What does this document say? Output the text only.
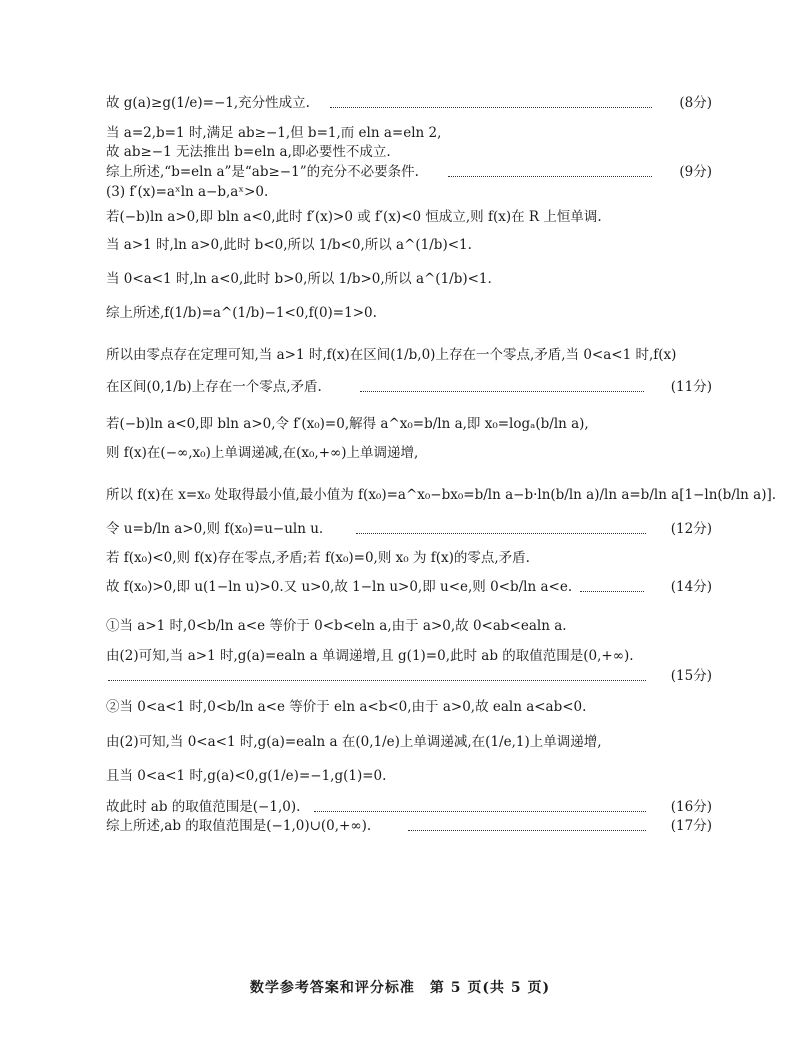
故 g(a)≥g(1/e)=−1,充分性成立.	(8分)
当 a=2,b=1 时,满足 ab≥−1,但 b=1,而 eln a=eln 2,
故 ab≥−1 无法推出 b=eln a,即必要性不成立.
综上所述,“b=eln a”是“ab≥−1”的充分不必要条件.	(9分)
(3) f′(x)=aˣln a−b,aˣ>0.
若(−b)ln a>0,即 bln a<0,此时 f′(x)>0 或 f′(x)<0 恒成立,则 f(x)在 R 上恒单调.
当 a>1 时,ln a>0,此时 b<0,所以 1/b<0,所以 a^(1/b)<1.
当 0<a<1 时,ln a<0,此时 b>0,所以 1/b>0,所以 a^(1/b)<1.
综上所述,f(1/b)=a^(1/b)−1<0,f(0)=1>0.
所以由零点存在定理可知,当 a>1 时,f(x)在区间(1/b,0)上存在一个零点,矛盾,当 0<a<1 时,f(x)
在区间(0,1/b)上存在一个零点,矛盾.	(11分)
若(−b)ln a<0,即 bln a>0,令 f′(x₀)=0,解得 a^x₀=b/ln a,即 x₀=logₐ(b/ln a),
则 f(x)在(−∞,x₀)上单调递减,在(x₀,+∞)上单调递增,
所以 f(x)在 x=x₀ 处取得最小值,最小值为 f(x₀)=a^x₀−bx₀=b/ln a−b·ln(b/ln a)/ln a=b/ln a[1−ln(b/ln a)].
令 u=b/ln a>0,则 f(x₀)=u−uln u.	(12分)
若 f(x₀)<0,则 f(x)存在零点,矛盾;若 f(x₀)=0,则 x₀ 为 f(x)的零点,矛盾.
故 f(x₀)>0,即 u(1−ln u)>0.又 u>0,故 1−ln u>0,即 u<e,则 0<b/ln a<e.	(14分)
①当 a>1 时,0<b/ln a<e 等价于 0<b<eln a,由于 a>0,故 0<ab<ealn a.
由(2)可知,当 a>1 时,g(a)=ealn a 单调递增,且 g(1)=0,此时 ab 的取值范围是(0,+∞).
(15分)
②当 0<a<1 时,0<b/ln a<e 等价于 eln a<b<0,由于 a>0,故 ealn a<ab<0.
由(2)可知,当 0<a<1 时,g(a)=ealn a 在(0,1/e)上单调递减,在(1/e,1)上单调递增,
且当 0<a<1 时,g(a)<0,g(1/e)=−1,g(1)=0.
故此时 ab 的取值范围是(−1,0).	(16分)
综上所述,ab 的取值范围是(−1,0)∪(0,+∞).	(17分)
数学参考答案和评分标准　第 5 页(共 5 页)
